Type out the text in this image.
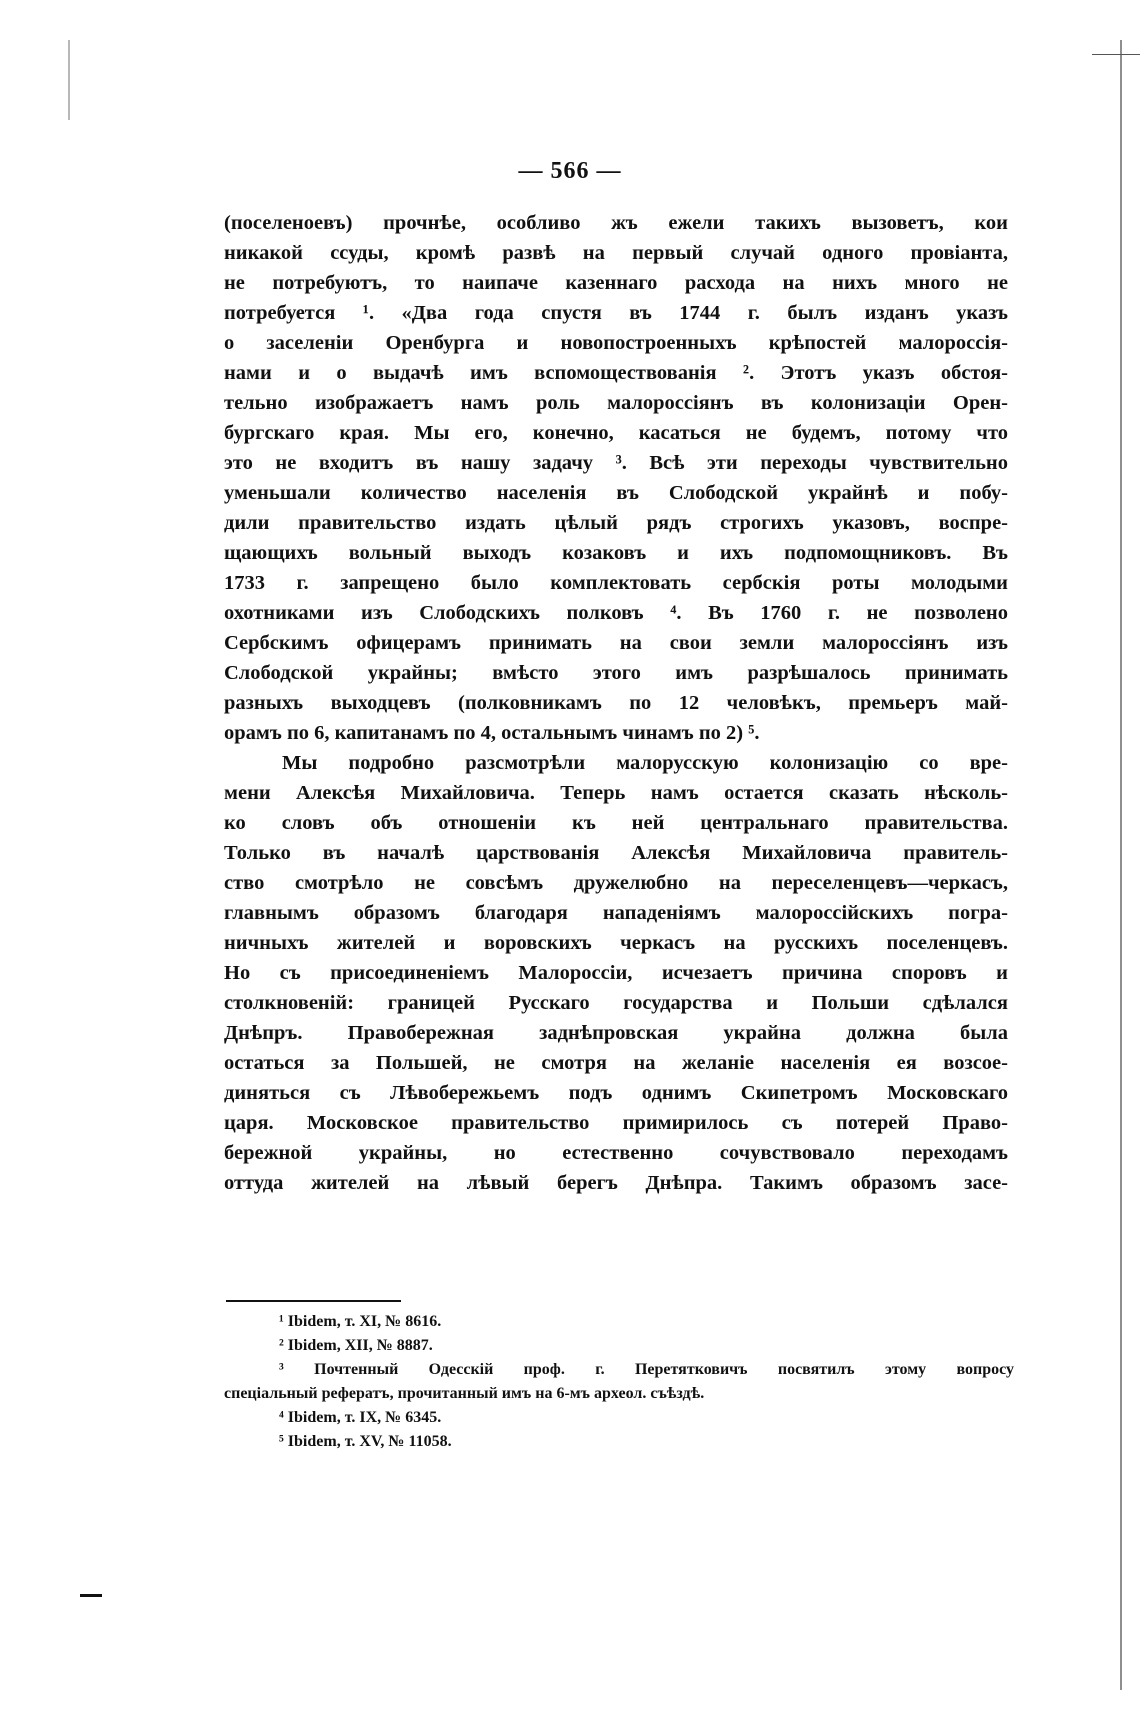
— 566 —
(поселеноевъ) прочнѣе, особливо жъ ежели такихъ вызоветъ, кои
никакой ссуды, кромѣ развѣ на первый случай одного провіанта,
не потребуютъ, то наипаче казеннаго расхода на нихъ много не
потребуется ¹. «Два года спустя въ 1744 г. былъ изданъ указъ
о заселеніи Оренбурга и новопостроенныхъ крѣпостей малороссія-
нами и о выдачѣ имъ вспомоществованія ². Этотъ указъ обстоя-
тельно изображаетъ намъ роль малороссіянъ въ колонизаціи Орен-
бургскаго края. Мы его, конечно, касаться не будемъ, потому что
это не входитъ въ нашу задачу ³. Всѣ эти переходы чувствительно
уменьшали количество населенія въ Слободской украйнѣ и побу-
дили правительство издать цѣлый рядъ строгихъ указовъ, воспре-
щающихъ вольный выходъ козаковъ и ихъ подпомощниковъ. Въ
1733 г. запрещено было комплектовать сербскія роты молодыми
охотниками изъ Слободскихъ полковъ ⁴. Въ 1760 г. не позволено
Сербскимъ офицерамъ принимать на свои земли малороссіянъ изъ
Слободской украйны; вмѣсто этого имъ разрѣшалось принимать
разныхъ выходцевъ (полковникамъ по 12 человѣкъ, премьеръ май-
орамъ по 6, капитанамъ по 4, остальнымъ чинамъ по 2) ⁵.
Мы подробно разсмотрѣли малорусскую колонизацію со вре-
мени Алексѣя Михайловича. Теперь намъ остается сказать нѣсколь-
ко словъ объ отношеніи къ ней центральнаго правительства.
Только въ началѣ царствованія Алексѣя Михайловича правитель-
ство смотрѣло не совсѣмъ дружелюбно на переселенцевъ—черкасъ,
главнымъ образомъ благодаря нападеніямъ малороссійскихъ погра-
ничныхъ жителей и воровскихъ черкасъ на русскихъ поселенцевъ.
Но съ присоединеніемъ Малороссіи, исчезаетъ причина споровъ и
столкновеній: границей Русскаго государства и Польши сдѣлался
Днѣпръ. Правобережная заднѣпровская украйна должна была
остаться за Польшей, не смотря на желаніе населенія ея возсое-
диняться съ Лѣвобережьемъ подъ однимъ Скипетромъ Московскаго
царя. Московское правительство примирилось съ потерей Право-
бережной украйны, но естественно сочувствовало переходамъ
оттуда жителей на лѣвый берегъ Днѣпра. Такимъ образомъ засе-
¹ Ibidem, т. XI, № 8616.
² Ibidem, XII, № 8887.
³ Почтенный Одесскій проф. г. Перетятковичъ посвятилъ этому вопросу
спеціальный рефератъ, прочитанный имъ на 6-мъ археол. съѣздѣ.
⁴ Ibidem, т. IX, № 6345.
⁵ Ibidem, т. XV, № 11058.
